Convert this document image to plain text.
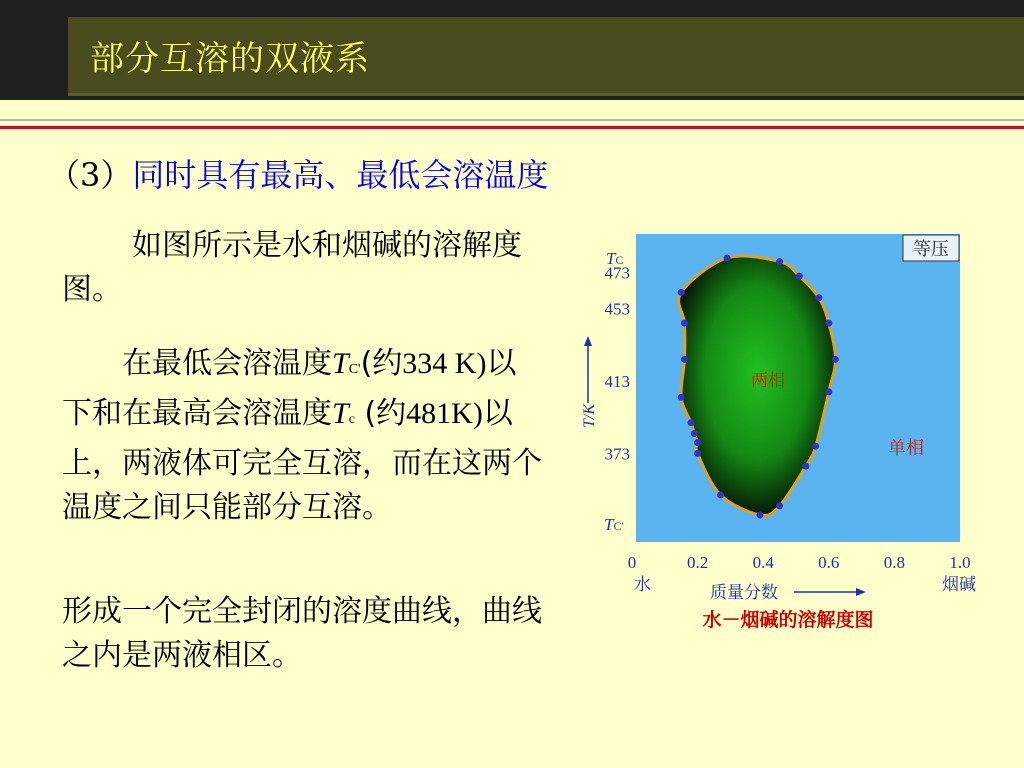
部分互溶的双液系
（3）同时具有最高、最低会溶温度
如图所示是水和烟碱的溶解度图。
在最低会溶温度TC'(约334 K)以下和在最高会溶温度Tc (约481K)以上，两液体可完全互溶，而在这两个温度之间只能部分互溶。
形成一个完全封闭的溶度曲线，曲线之内是两液相区。
等压
两相
单相
373
413
453
473
0	0.2	0.4	0.6	0.8	1.0
TC
TC'
T/K
水	烟碱
质量分数
水－烟碱的溶解度图
